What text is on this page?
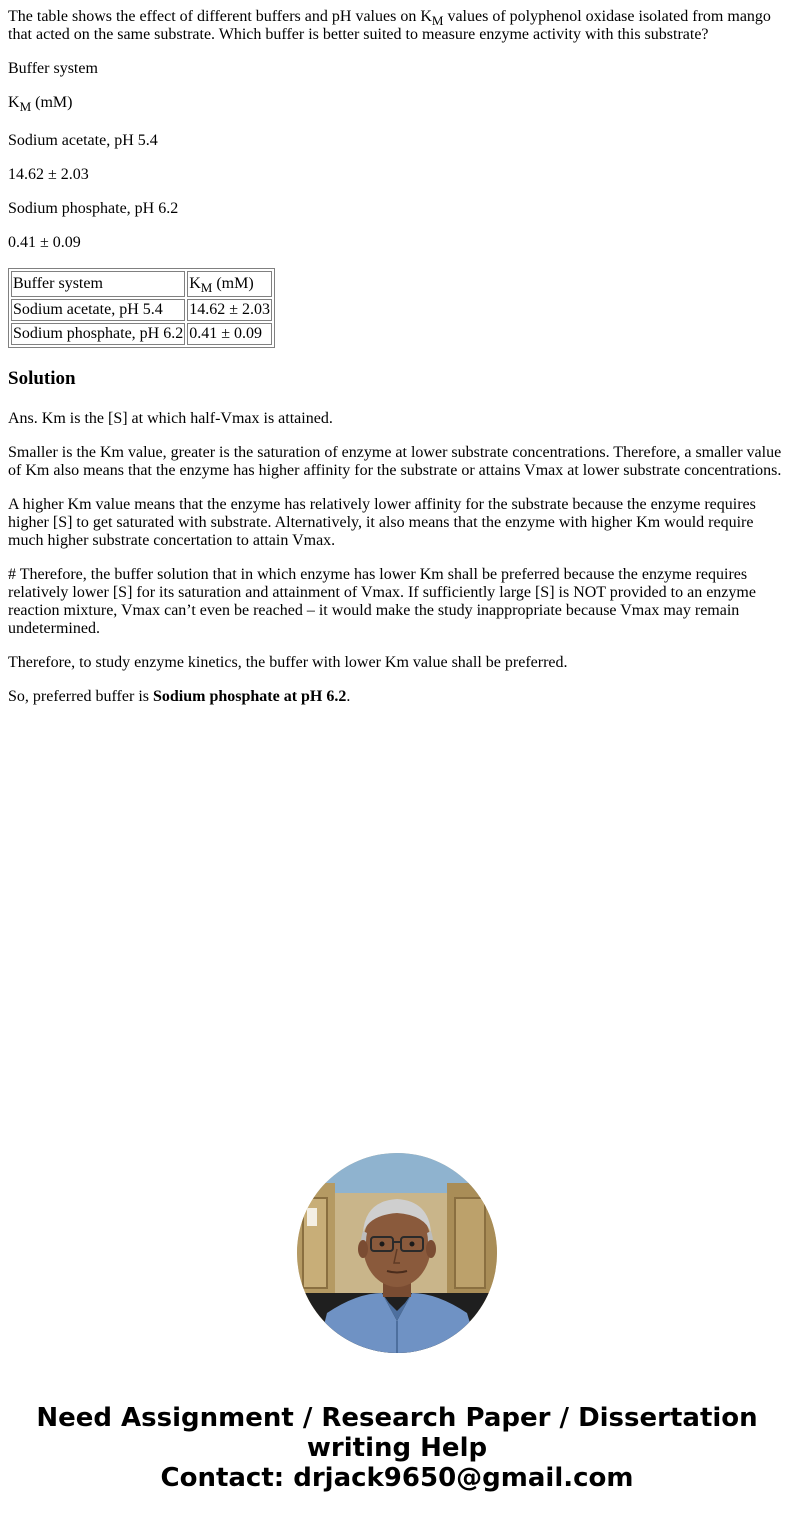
The table shows the effect of different buffers and pH values on $K_M$ values of polyphenol oxidase isolated from mango that acted on the same substrate. Which buffer is better suited to measure enzyme activity with this substrate?

Buffer system

$K_M$ (mM)

Sodium acetate, pH 5.4

14.62 ± 2.03

Sodium phosphate, pH 6.2

0.41 ± 0.09

Buffer system	$K_M$ (mM)
Sodium acetate, pH 5.4	14.62 ± 2.03
Sodium phosphate, pH 6.2	0.41 ± 0.09
Solution

Ans. Km is the [S] at which half-Vmax is attained.

Smaller is the Km value, greater is the saturation of enzyme at lower substrate concentrations. Therefore, a smaller value of Km also means that the enzyme has higher affinity for the substrate or attains Vmax at lower substrate concentrations.

A higher Km value means that the enzyme has relatively lower affinity for the substrate because the enzyme requires higher [S] to get saturated with substrate. Alternatively, it also means that the enzyme with higher Km would require much higher substrate concertation to attain Vmax.

# Therefore, the buffer solution that in which enzyme has lower Km shall be preferred because the enzyme requires relatively lower [S] for its saturation and attainment of Vmax. If sufficiently large [S] is NOT provided to an enzyme reaction mixture, Vmax can’t even be reached – it would make the study inappropriate because Vmax may remain undetermined.

Therefore, to study enzyme kinetics, the buffer with lower Km value shall be preferred.

So, preferred buffer is Sodium phosphate at pH 6.2.

Need Assignment / Research Paper / Dissertation
writing Help
Contact: drjack9650@gmail.com
